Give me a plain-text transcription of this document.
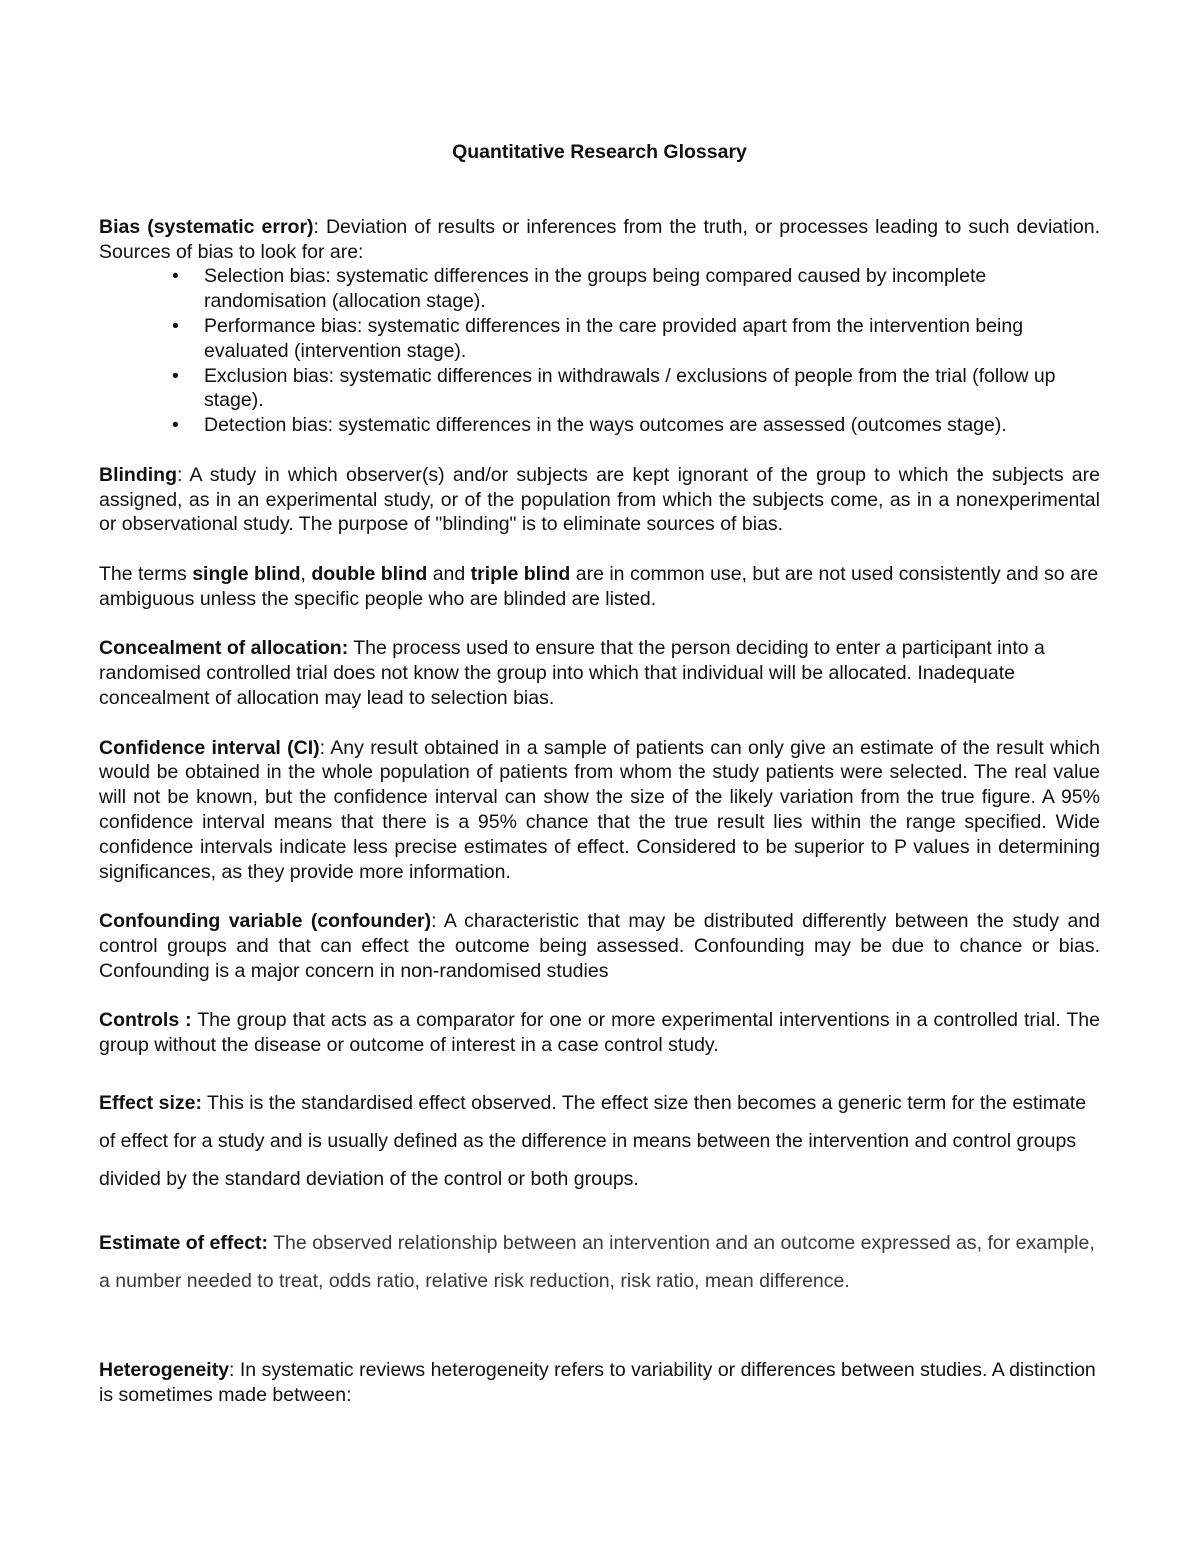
Quantitative Research Glossary

Bias (systematic error): Deviation of results or inferences from the truth, or processes leading to such deviation. Sources of bias to look for are:

• Selection bias: systematic differences in the groups being compared caused by incomplete randomisation (allocation stage).
• Performance bias: systematic differences in the care provided apart from the intervention being evaluated (intervention stage).
• Exclusion bias: systematic differences in withdrawals / exclusions of people from the trial (follow up stage).
• Detection bias: systematic differences in the ways outcomes are assessed (outcomes stage).

Blinding: A study in which observer(s) and/or subjects are kept ignorant of the group to which the subjects are assigned, as in an experimental study, or of the population from which the subjects come, as in a nonexperimental or observational study. The purpose of "blinding" is to eliminate sources of bias.

The terms single blind, double blind and triple blind are in common use, but are not used consistently and so are ambiguous unless the specific people who are blinded are listed.

Concealment of allocation: The process used to ensure that the person deciding to enter a participant into a randomised controlled trial does not know the group into which that individual will be allocated. Inadequate concealment of allocation may lead to selection bias.

Confidence interval (CI): Any result obtained in a sample of patients can only give an estimate of the result which would be obtained in the whole population of patients from whom the study patients were selected. The real value will not be known, but the confidence interval can show the size of the likely variation from the true figure. A 95% confidence interval means that there is a 95% chance that the true result lies within the range specified. Wide confidence intervals indicate less precise estimates of effect. Considered to be superior to P values in determining significances, as they provide more information.

Confounding variable (confounder): A characteristic that may be distributed differently between the study and control groups and that can effect the outcome being assessed. Confounding may be due to chance or bias. Confounding is a major concern in non-randomised studies

Controls : The group that acts as a comparator for one or more experimental interventions in a controlled trial. The group without the disease or outcome of interest in a case control study.

Effect size: This is the standardised effect observed. The effect size then becomes a generic term for the estimate of effect for a study and is usually defined as the difference in means between the intervention and control groups divided by the standard deviation of the control or both groups.

Estimate of effect: The observed relationship between an intervention and an outcome expressed as, for example, a number needed to treat, odds ratio, relative risk reduction, risk ratio, mean difference.

Heterogeneity: In systematic reviews heterogeneity refers to variability or differences between studies. A distinction is sometimes made between:
